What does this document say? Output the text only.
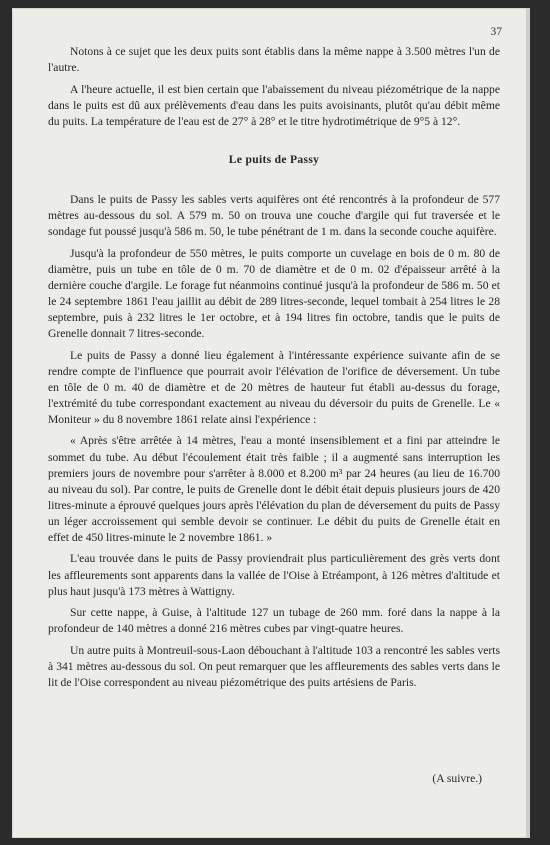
37

Notons à ce sujet que les deux puits sont établis dans la même nappe à 3.500 mètres l'un de l'autre.

A l'heure actuelle, il est bien certain que l'abaissement du niveau piézométrique de la nappe dans le puits est dû aux prélèvements d'eau dans les puits avoisinants, plutôt qu'au débit même du puits. La température de l'eau est de 27° à 28° et le titre hydrotimétrique de 9°5 à 12°.

Le puits de Passy

Dans le puits de Passy les sables verts aquifères ont été rencontrés à la profondeur de 577 mètres au-dessous du sol. A 579 m. 50 on trouva une couche d'argile qui fut traversée et le sondage fut poussé jusqu'à 586 m. 50, le tube pénétrant de 1 m. dans la seconde couche aquifère.

Jusqu'à la profondeur de 550 mètres, le puits comporte un cuvelage en bois de 0 m. 80 de diamètre, puis un tube en tôle de 0 m. 70 de diamètre et de 0 m. 02 d'épaisseur arrêté à la dernière couche d'argile. Le forage fut néanmoins continué jusqu'à la profondeur de 586 m. 50 et le 24 septembre 1861 l'eau jaillit au débit de 289 litres-seconde, lequel tombait à 254 litres le 28 septembre, puis à 232 litres le 1er octobre, et à 194 litres fin octobre, tandis que le puits de Grenelle donnait 7 litres-seconde.

Le puits de Passy a donné lieu également à l'intéressante expérience suivante afin de se rendre compte de l'influence que pourrait avoir l'élévation de l'orifice de déversement. Un tube en tôle de 0 m. 40 de diamètre et de 20 mètres de hauteur fut établi au-dessus du forage, l'extrémité du tube correspondant exactement au niveau du déversoir du puits de Grenelle. Le « Moniteur » du 8 novembre 1861 relate ainsi l'expérience :

« Après s'être arrêtée à 14 mètres, l'eau a monté insensiblement et a fini par atteindre le sommet du tube. Au début l'écoulement était très faible ; il a augmenté sans interruption les premiers jours de novembre pour s'arrêter à 8.000 et 8.200 m³ par 24 heures (au lieu de 16.700 au niveau du sol). Par contre, le puits de Grenelle dont le débit était depuis plusieurs jours de 420 litres-minute a éprouvé quelques jours après l'élévation du plan de déversement du puits de Passy un léger accroissement qui semble devoir se continuer. Le débit du puits de Grenelle était en effet de 450 litres-minute le 2 novembre 1861. »

L'eau trouvée dans le puits de Passy proviendrait plus particulièrement des grès verts dont les affleurements sont apparents dans la vallée de l'Oise à Etréampont, à 126 mètres d'altitude et plus haut jusqu'à 173 mètres à Wattigny.

Sur cette nappe, à Guise, à l'altitude 127 un tubage de 260 mm. foré dans la nappe à la profondeur de 140 mètres a donné 216 mètres cubes par vingt-quatre heures.

Un autre puits à Montreuil-sous-Laon débouchant à l'altitude 103 a rencontré les sables verts à 341 mètres au-dessous du sol. On peut remarquer que les affleurements des sables verts dans le lit de l'Oise correspondent au niveau piézométrique des puits artésiens de Paris.

(A suivre.)
